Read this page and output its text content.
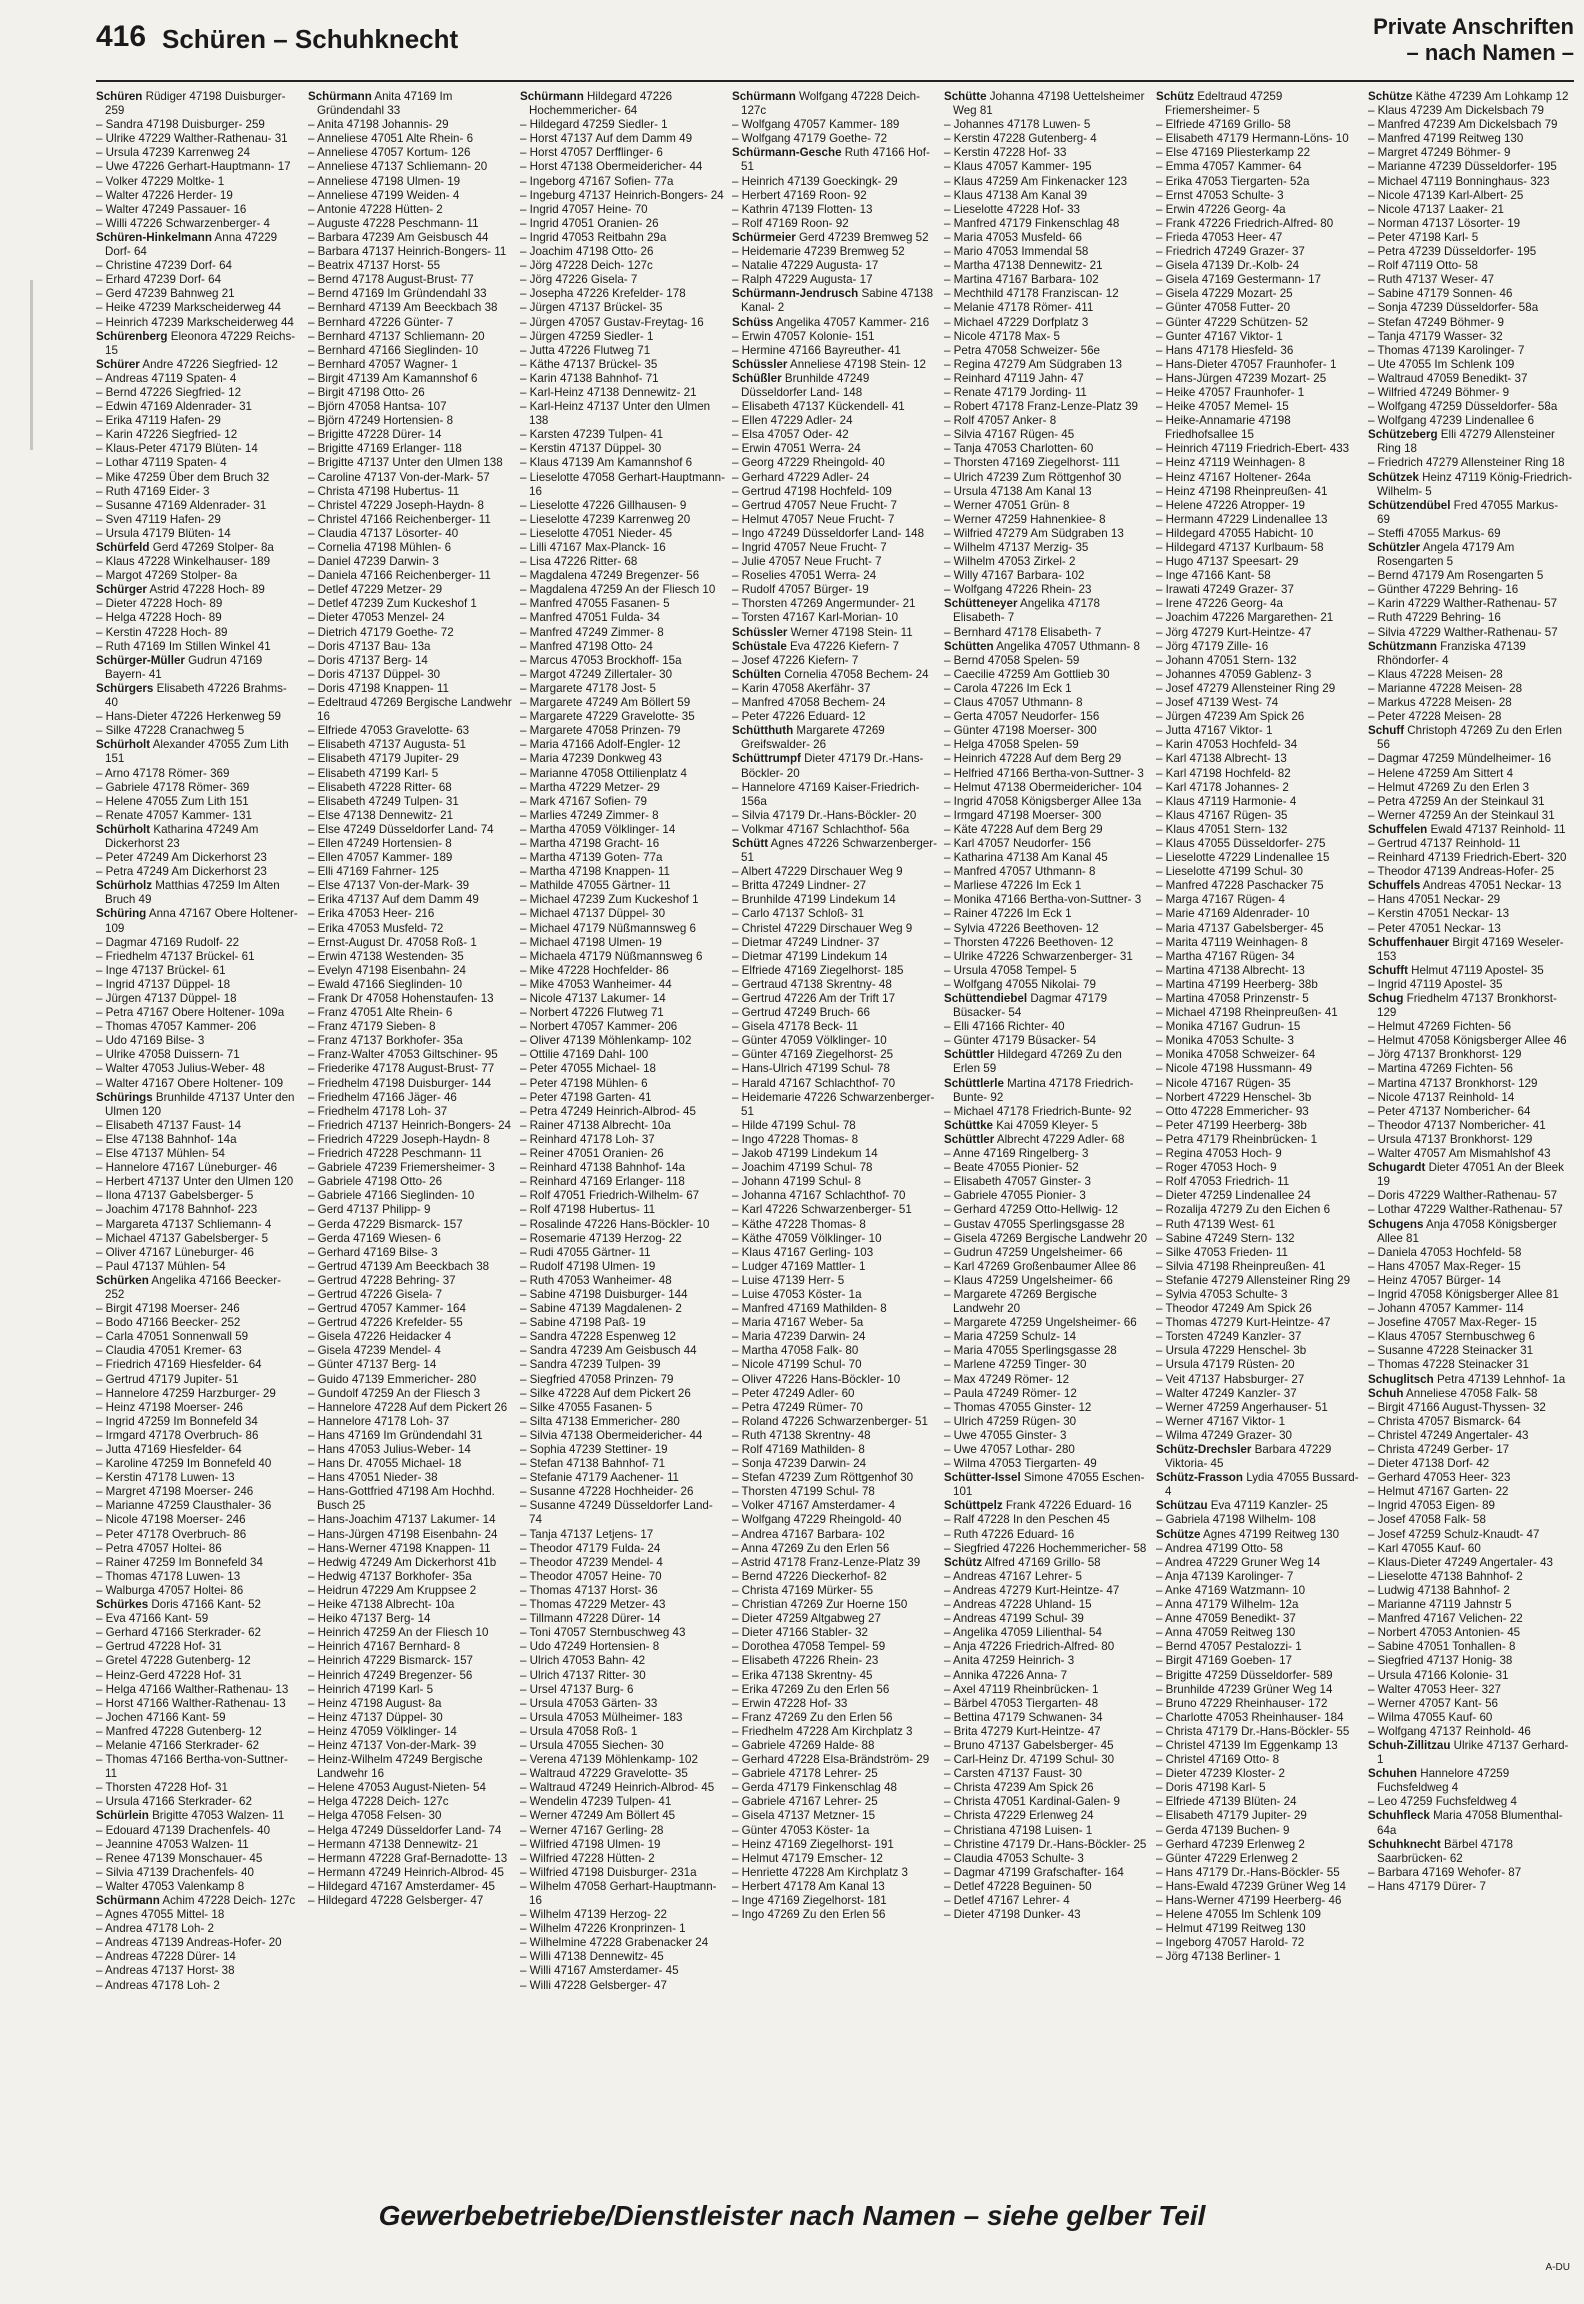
416 Schüren – Schuhknecht	Private Anschriften
– nach Namen –

Schüren Rüdiger 47198 Duisburger- 259

– Sandra 47198 Duisburger- 259

– Ulrike 47229 Walther-Rathenau- 31

– Ursula 47239 Karrenweg 24

– Uwe 47226 Gerhart-Hauptmann- 17

– Volker 47229 Moltke- 1

– Walter 47226 Herder- 19

– Walter 47249 Passauer- 16

– Willi 47226 Schwarzenberger- 4

Schüren-Hinkelmann Anna 47229 Dorf- 64

– Christine 47239 Dorf- 64

– Erhard 47239 Dorf- 64

– Gerd 47239 Bahnweg 21

– Heike 47239 Markscheiderweg 44

– Heinrich 47239 Markscheiderweg 44

Schürenberg Eleonora 47229 Reichs- 15

Schürer Andre 47226 Siegfried- 12

– Andreas 47119 Spaten- 4

– Bernd 47226 Siegfried- 12

– Edwin 47169 Aldenrader- 31

– Erika 47119 Hafen- 29

– Karin 47226 Siegfried- 12

– Klaus-Peter 47179 Blüten- 14

– Lothar 47119 Spaten- 4

– Mike 47259 Über dem Bruch 32

– Ruth 47169 Eider- 3

– Susanne 47169 Aldenrader- 31

– Sven 47119 Hafen- 29

– Ursula 47179 Blüten- 14

Schürfeld Gerd 47269 Stolper- 8a

– Klaus 47228 Winkelhauser- 189

– Margot 47269 Stolper- 8a

Schürger Astrid 47228 Hoch- 89

– Dieter 47228 Hoch- 89

– Helga 47228 Hoch- 89

– Kerstin 47228 Hoch- 89

– Ruth 47169 Im Stillen Winkel 41

Schürger-Müller Gudrun 47169 Bayern- 41

Schürgers Elisabeth 47226 Brahms- 40

– Hans-Dieter 47226 Herkenweg 59

– Silke 47228 Cranachweg 5

Schürholt Alexander 47055 Zum Lith 151

– Arno 47178 Römer- 369

– Gabriele 47178 Römer- 369

– Helene 47055 Zum Lith 151

– Renate 47057 Kammer- 131

Schürholt Katharina 47249 Am Dickerhorst 23

– Peter 47249 Am Dickerhorst 23

– Petra 47249 Am Dickerhorst 23

Schürholz Matthias 47259 Im Alten Bruch 49

Schüring Anna 47167 Obere Holtener- 109

– Dagmar 47169 Rudolf- 22

– Friedhelm 47137 Brückel- 61

– Inge 47137 Brückel- 61

– Ingrid 47137 Düppel- 18

– Jürgen 47137 Düppel- 18

– Petra 47167 Obere Holtener- 109a

– Thomas 47057 Kammer- 206

– Udo 47169 Bilse- 3

– Ulrike 47058 Duissern- 71

– Walter 47053 Julius-Weber- 48

– Walter 47167 Obere Holtener- 109

Schürings Brunhilde 47137 Unter den Ulmen 120

– Elisabeth 47137 Faust- 14

– Else 47138 Bahnhof- 14a

– Else 47137 Mühlen- 54

– Hannelore 47167 Lüneburger- 46

– Herbert 47137 Unter den Ulmen 120

– Ilona 47137 Gabelsberger- 5

– Joachim 47178 Bahnhof- 223

– Margareta 47137 Schliemann- 4

– Michael 47137 Gabelsberger- 5

– Oliver 47167 Lüneburger- 46

– Paul 47137 Mühlen- 54

Schürken Angelika 47166 Beecker- 252

– Birgit 47198 Moerser- 246

– Bodo 47166 Beecker- 252

– Carla 47051 Sonnenwall 59

– Claudia 47051 Kremer- 63

– Friedrich 47169 Hiesfelder- 64

– Gertrud 47179 Jupiter- 51

– Hannelore 47259 Harzburger- 29

– Heinz 47198 Moerser- 246

– Ingrid 47259 Im Bonnefeld 34

– Irmgard 47178 Overbruch- 86

– Jutta 47169 Hiesfelder- 64

– Karoline 47259 Im Bonnefeld 40

– Kerstin 47178 Luwen- 13

– Margret 47198 Moerser- 246

– Marianne 47259 Clausthaler- 36

– Nicole 47198 Moerser- 246

– Peter 47178 Overbruch- 86

– Petra 47057 Holtei- 86

– Rainer 47259 Im Bonnefeld 34

– Thomas 47178 Luwen- 13

– Walburga 47057 Holtei- 86

Schürkes Doris 47166 Kant- 52

– Eva 47166 Kant- 59

– Gerhard 47166 Sterkrader- 62

– Gertrud 47228 Hof- 31

– Gretel 47228 Gutenberg- 12

– Heinz-Gerd 47228 Hof- 31

– Helga 47166 Walther-Rathenau- 13

– Horst 47166 Walther-Rathenau- 13

– Jochen 47166 Kant- 59

– Manfred 47228 Gutenberg- 12

– Melanie 47166 Sterkrader- 62

– Thomas 47166 Bertha-von-Suttner- 11

– Thorsten 47228 Hof- 31

– Ursula 47166 Sterkrader- 62

Schürlein Brigitte 47053 Walzen- 11

– Edouard 47139 Drachenfels- 40

– Jeannine 47053 Walzen- 11

– Renee 47139 Monschauer- 45

– Silvia 47139 Drachenfels- 40

– Walter 47053 Valenkamp 8

Schürmann Achim 47228 Deich- 127c

– Agnes 47055 Mittel- 18

– Andrea 47178 Loh- 2

– Andreas 47139 Andreas-Hofer- 20

– Andreas 47228 Dürer- 14

– Andreas 47137 Horst- 38

– Andreas 47178 Loh- 2

Schürmann Anita 47169 Im Gründendahl 33

– Anita 47198 Johannis- 29

– Anneliese 47051 Alte Rhein- 6

– Anneliese 47057 Kortum- 126

– Anneliese 47137 Schliemann- 20

– Anneliese 47198 Ulmen- 19

– Anneliese 47199 Weiden- 4

– Antonie 47228 Hütten- 2

– Auguste 47228 Peschmann- 11

– Barbara 47239 Am Geisbusch 44

– Barbara 47137 Heinrich-Bongers- 11

– Beatrix 47137 Horst- 55

– Bernd 47178 August-Brust- 77

– Bernd 47169 Im Gründendahl 33

– Bernhard 47139 Am Beeckbach 38

– Bernhard 47226 Günter- 7

– Bernhard 47137 Schliemann- 20

– Bernhard 47166 Sieglinden- 10

– Bernhard 47057 Wagner- 1

– Birgit 47139 Am Kamannshof 6

– Birgit 47198 Otto- 26

– Björn 47058 Hantsa- 107

– Björn 47249 Hortensien- 8

– Brigitte 47228 Dürer- 14

– Brigitte 47169 Erlanger- 118

– Brigitte 47137 Unter den Ulmen 138

– Caroline 47137 Von-der-Mark- 57

– Christa 47198 Hubertus- 11

– Christel 47229 Joseph-Haydn- 8

– Christel 47166 Reichenberger- 11

– Claudia 47137 Lösorter- 40

– Cornelia 47198 Mühlen- 6

– Daniel 47239 Darwin- 3

– Daniela 47166 Reichenberger- 11

– Detlef 47229 Metzer- 29

– Detlef 47239 Zum Kuckeshof 1

– Dieter 47053 Menzel- 24

– Dietrich 47179 Goethe- 72

– Doris 47137 Bau- 13a

– Doris 47137 Berg- 14

– Doris 47137 Düppel- 30

– Doris 47198 Knappen- 11

– Edeltraud 47269 Bergische Landwehr 16

– Elfriede 47053 Gravelotte- 63

– Elisabeth 47137 Augusta- 51

– Elisabeth 47179 Jupiter- 29

– Elisabeth 47199 Karl- 5

– Elisabeth 47228 Ritter- 68

– Elisabeth 47249 Tulpen- 31

– Else 47138 Dennewitz- 21

– Else 47249 Düsseldorfer Land- 74

– Ellen 47249 Hortensien- 8

– Ellen 47057 Kammer- 189

– Elli 47169 Fahrner- 125

– Else 47137 Von-der-Mark- 39

– Erika 47137 Auf dem Damm 49

– Erika 47053 Heer- 216

– Erika 47053 Musfeld- 72

– Ernst-August Dr. 47058 Roß- 1

– Erwin 47138 Westenden- 35

– Evelyn 47198 Eisenbahn- 24

– Ewald 47166 Sieglinden- 10

– Frank Dr 47058 Hohenstaufen- 13

– Franz 47051 Alte Rhein- 6

– Franz 47179 Sieben- 8

– Franz 47137 Borkhofer- 35a

– Franz-Walter 47053 Giltschiner- 95

– Friederike 47178 August-Brust- 77

– Friedhelm 47198 Duisburger- 144

– Friedhelm 47166 Jäger- 46

– Friedhelm 47178 Loh- 37

– Friedrich 47137 Heinrich-Bongers- 24

– Friedrich 47229 Joseph-Haydn- 8

– Friedrich 47228 Peschmann- 11

– Gabriele 47239 Friemersheimer- 3

– Gabriele 47198 Otto- 26

– Gabriele 47166 Sieglinden- 10

– Gerd 47137 Philipp- 9

– Gerda 47229 Bismarck- 157

– Gerda 47169 Wiesen- 6

– Gerhard 47169 Bilse- 3

– Gertrud 47139 Am Beeckbach 38

– Gertrud 47228 Behring- 37

– Gertrud 47226 Gisela- 7

– Gertrud 47057 Kammer- 164

– Gertrud 47226 Krefelder- 55

– Gisela 47226 Heidacker 4

– Gisela 47239 Mendel- 4

– Günter 47137 Berg- 14

– Guido 47139 Emmericher- 280

– Gundolf 47259 An der Fliesch 3

– Hannelore 47228 Auf dem Pickert 26

– Hannelore 47178 Loh- 37

– Hans 47169 Im Gründendahl 31

– Hans 47053 Julius-Weber- 14

– Hans Dr. 47055 Michael- 18

– Hans 47051 Nieder- 38

– Hans-Gottfried 47198 Am Hochhd. Busch 25

– Hans-Joachim 47137 Lakumer- 14

– Hans-Jürgen 47198 Eisenbahn- 24

– Hans-Werner 47198 Knappen- 11

– Hedwig 47249 Am Dickerhorst 41b

– Hedwig 47137 Borkhofer- 35a

– Heidrun 47229 Am Kruppsee 2

– Heike 47138 Albrecht- 10a

– Heiko 47137 Berg- 14

– Heinrich 47259 An der Fliesch 10

– Heinrich 47167 Bernhard- 8

– Heinrich 47229 Bismarck- 157

– Heinrich 47249 Bregenzer- 56

– Heinrich 47199 Karl- 5

– Heinz 47198 August- 8a

– Heinz 47137 Düppel- 30

– Heinz 47059 Völklinger- 14

– Heinz 47137 Von-der-Mark- 39

– Heinz-Wilhelm 47249 Bergische Landwehr 16

– Helene 47053 August-Nieten- 54

– Helga 47228 Deich- 127c

– Helga 47058 Felsen- 30

– Helga 47249 Düsseldorfer Land- 74

– Hermann 47138 Dennewitz- 21

– Hermann 47228 Graf-Bernadotte- 13

– Hermann 47249 Heinrich-Albrod- 45

– Hildegard 47167 Amsterdamer- 45

– Hildegard 47228 Gelsberger- 47

Schürmann Hildegard 47226 Hochemmericher- 64

– Hildegard 47259 Siedler- 1

– Horst 47137 Auf dem Damm 49

– Horst 47057 Derfflinger- 6

– Horst 47138 Obermeidericher- 44

– Ingeborg 47167 Sofien- 77a

– Ingeburg 47137 Heinrich-Bongers- 24

– Ingrid 47057 Heine- 70

– Ingrid 47051 Oranien- 26

– Ingrid 47053 Reitbahn 29a

– Joachim 47198 Otto- 26

– Jörg 47228 Deich- 127c

– Jörg 47226 Gisela- 7

– Josepha 47226 Krefelder- 178

– Jürgen 47137 Brückel- 35

– Jürgen 47057 Gustav-Freytag- 16

– Jürgen 47259 Siedler- 1

– Jutta 47226 Flutweg 71

– Käthe 47137 Brückel- 35

– Karin 47138 Bahnhof- 71

– Karl-Heinz 47138 Dennewitz- 21

– Karl-Heinz 47137 Unter den Ulmen 138

– Karsten 47239 Tulpen- 41

– Kerstin 47137 Düppel- 30

– Klaus 47139 Am Kamannshof 6

– Lieselotte 47058 Gerhart-Hauptmann- 16

– Lieselotte 47226 Gillhausen- 9

– Lieselotte 47239 Karrenweg 20

– Lieselotte 47051 Nieder- 45

– Lilli 47167 Max-Planck- 16

– Lisa 47226 Ritter- 68

– Magdalena 47249 Bregenzer- 56

– Magdalena 47259 An der Fliesch 10

– Manfred 47055 Fasanen- 5

– Manfred 47051 Fulda- 34

– Manfred 47249 Zimmer- 8

– Manfred 47198 Otto- 24

– Marcus 47053 Brockhoff- 15a

– Margot 47249 Zillertaler- 30

– Margarete 47178 Jost- 5

– Margarete 47249 Am Böllert 59

– Margarete 47229 Gravelotte- 35

– Margarete 47058 Prinzen- 79

– Maria 47166 Adolf-Engler- 12

– Maria 47239 Donkweg 43

– Marianne 47058 Ottilienplatz 4

– Martha 47229 Metzer- 29

– Mark 47167 Sofien- 79

– Marlies 47249 Zimmer- 8

– Martha 47059 Völklinger- 14

– Martha 47198 Gracht- 16

– Martha 47139 Goten- 77a

– Martha 47198 Knappen- 11

– Mathilde 47055 Gärtner- 11

– Michael 47239 Zum Kuckeshof 1

– Michael 47137 Düppel- 30

– Michael 47179 Nüßmannsweg 6

– Michael 47198 Ulmen- 19

– Michaela 47179 Nüßmannsweg 6

– Mike 47228 Hochfelder- 86

– Mike 47053 Wanheimer- 44

– Nicole 47137 Lakumer- 14

– Norbert 47226 Flutweg 71

– Norbert 47057 Kammer- 206

– Oliver 47139 Möhlenkamp- 102

– Ottilie 47169 Dahl- 100

– Peter 47055 Michael- 18

– Peter 47198 Mühlen- 6

– Peter 47198 Garten- 41

– Petra 47249 Heinrich-Albrod- 45

– Rainer 47138 Albrecht- 10a

– Reinhard 47178 Loh- 37

– Reiner 47051 Oranien- 26

– Reinhard 47138 Bahnhof- 14a

– Reinhard 47169 Erlanger- 118

– Rolf 47051 Friedrich-Wilhelm- 67

– Rolf 47198 Hubertus- 11

– Rosalinde 47226 Hans-Böckler- 10

– Rosemarie 47139 Herzog- 22

– Rudi 47055 Gärtner- 11

– Rudolf 47198 Ulmen- 19

– Ruth 47053 Wanheimer- 48

– Sabine 47198 Duisburger- 144

– Sabine 47139 Magdalenen- 2

– Sabine 47198 Paß- 19

– Sandra 47228 Espenweg 12

– Sandra 47239 Am Geisbusch 44

– Sandra 47239 Tulpen- 39

– Siegfried 47058 Prinzen- 79

– Silke 47228 Auf dem Pickert 26

– Silke 47055 Fasanen- 5

– Silta 47138 Emmericher- 280

– Silvia 47138 Obermeidericher- 44

– Sophia 47239 Stettiner- 19

– Stefan 47138 Bahnhof- 71

– Stefanie 47179 Aachener- 11

– Susanne 47228 Hochheider- 26

– Susanne 47249 Düsseldorfer Land- 74

– Tanja 47137 Letjens- 17

– Theodor 47179 Fulda- 24

– Theodor 47239 Mendel- 4

– Theodor 47057 Heine- 70

– Thomas 47137 Horst- 36

– Thomas 47229 Metzer- 43

– Tillmann 47228 Dürer- 14

– Toni 47057 Sternbuschweg 43

– Udo 47249 Hortensien- 8

– Ulrich 47053 Bahn- 42

– Ulrich 47137 Ritter- 30

– Ursel 47137 Burg- 6

– Ursula 47053 Gärten- 33

– Ursula 47053 Mülheimer- 183

– Ursula 47058 Roß- 1

– Ursula 47055 Siechen- 30

– Verena 47139 Möhlenkamp- 102

– Waltraud 47229 Gravelotte- 35

– Waltraud 47249 Heinrich-Albrod- 45

– Wendelin 47239 Tulpen- 41

– Werner 47249 Am Böllert 45

– Werner 47167 Gerling- 28

– Wilfried 47198 Ulmen- 19

– Wilfried 47228 Hütten- 2

– Wilfried 47198 Duisburger- 231a

– Wilhelm 47058 Gerhart-Hauptmann- 16

– Wilhelm 47139 Herzog- 22

– Wilhelm 47226 Kronprinzen- 1

– Wilhelmine 47228 Grabenacker 24

– Willi 47138 Dennewitz- 45

– Willi 47167 Amsterdamer- 45

– Willi 47228 Gelsberger- 47

Schürmann Wolfgang 47228 Deich- 127c

– Wolfgang 47057 Kammer- 189

– Wolfgang 47179 Goethe- 72

Schürmann-Gesche Ruth 47166 Hof- 51

– Heinrich 47139 Goeckingk- 29

– Herbert 47169 Roon- 92

– Kathrin 47139 Flotten- 13

– Rolf 47169 Roon- 92

Schürmeier Gerd 47239 Bremweg 52

– Heidemarie 47239 Bremweg 52

– Natalie 47229 Augusta- 17

– Ralph 47229 Augusta- 17

Schürmann-Jendrusch Sabine 47138 Kanal- 2

Schüss Angelika 47057 Kammer- 216

– Erwin 47057 Kolonie- 151

– Hermine 47166 Bayreuther- 41

Schüssler Anneliese 47198 Stein- 12

Schüßler Brunhilde 47249 Düsseldorfer Land- 148

– Elisabeth 47137 Kückendell- 41

– Ellen 47229 Adler- 24

– Elsa 47057 Oder- 42

– Erwin 47051 Werra- 24

– Georg 47229 Rheingold- 40

– Gerhard 47229 Adler- 24

– Gertrud 47198 Hochfeld- 109

– Gertrud 47057 Neue Frucht- 7

– Helmut 47057 Neue Frucht- 7

– Ingo 47249 Düsseldorfer Land- 148

– Ingrid 47057 Neue Frucht- 7

– Julie 47057 Neue Frucht- 7

– Roselies 47051 Werra- 24

– Rudolf 47057 Bürger- 19

– Thorsten 47269 Angermunder- 21

– Torsten 47167 Karl-Morian- 10

Schüssler Werner 47198 Stein- 11

Schüstale Eva 47226 Kiefern- 7

– Josef 47226 Kiefern- 7

Schülten Cornelia 47058 Bechem- 24

– Karin 47058 Akerfähr- 37

– Manfred 47058 Bechem- 24

– Peter 47226 Eduard- 12

Schütthuth Margarete 47269 Greifswalder- 26

Schüttrumpf Dieter 47179 Dr.-Hans-Böckler- 20

– Hannelore 47169 Kaiser-Friedrich- 156a

– Silvia 47179 Dr.-Hans-Böckler- 20

– Volkmar 47167 Schlachthof- 56a

Schütt Agnes 47226 Schwarzenberger- 51

– Albert 47229 Dirschauer Weg 9

– Britta 47249 Lindner- 27

– Brunhilde 47199 Lindekum 14

– Carlo 47137 Schloß- 31

– Christel 47229 Dirschauer Weg 9

– Dietmar 47249 Lindner- 37

– Dietmar 47199 Lindekum 14

– Elfriede 47169 Ziegelhorst- 185

– Gertraud 47138 Skrentny- 48

– Gertrud 47226 Am der Trift 17

– Gertrud 47249 Bruch- 66

– Gisela 47178 Beck- 11

– Günter 47059 Völklinger- 10

– Günter 47169 Ziegelhorst- 25

– Hans-Ulrich 47199 Schul- 78

– Harald 47167 Schlachthof- 70

– Heidemarie 47226 Schwarzenberger- 51

– Hilde 47199 Schul- 78

– Ingo 47228 Thomas- 8

– Jakob 47199 Lindekum 14

– Joachim 47199 Schul- 78

– Johann 47199 Schul- 8

– Johanna 47167 Schlachthof- 70

– Karl 47226 Schwarzenberger- 51

– Käthe 47228 Thomas- 8

– Käthe 47059 Völklinger- 10

– Klaus 47167 Gerling- 103

– Ludger 47169 Mattler- 1

– Luise 47139 Herr- 5

– Luise 47053 Köster- 1a

– Manfred 47169 Mathilden- 8

– Maria 47167 Weber- 5a

– Maria 47239 Darwin- 24

– Martha 47058 Falk- 80

– Nicole 47199 Schul- 70

– Oliver 47226 Hans-Böckler- 10

– Peter 47249 Adler- 60

– Petra 47249 Rümer- 70

– Roland 47226 Schwarzenberger- 51

– Ruth 47138 Skrentny- 48

– Rolf 47169 Mathilden- 8

– Sonja 47239 Darwin- 24

– Stefan 47239 Zum Röttgenhof 30

– Thorsten 47199 Schul- 78

– Volker 47167 Amsterdamer- 4

– Wolfgang 47229 Rheingold- 40

– Andrea 47167 Barbara- 102

– Anna 47269 Zu den Erlen 56

– Astrid 47178 Franz-Lenze-Platz 39

– Bernd 47226 Dieckerhof- 82

– Christa 47169 Mürker- 55

– Christian 47269 Zur Hoerne 150

– Dieter 47259 Altgabweg 27

– Dieter 47166 Stabler- 32

– Dorothea 47058 Tempel- 59

– Elisabeth 47226 Rhein- 23

– Erika 47138 Skrentny- 45

– Erika 47269 Zu den Erlen 56

– Erwin 47228 Hof- 33

– Franz 47269 Zu den Erlen 56

– Friedhelm 47228 Am Kirchplatz 3

– Gabriele 47269 Halde- 88

– Gerhard 47228 Elsa-Brändström- 29

– Gabriele 47178 Lehrer- 25

– Gerda 47179 Finkenschlag 48

– Gabriele 47167 Lehrer- 25

– Gisela 47137 Metzner- 15

– Günter 47053 Köster- 1a

– Heinz 47169 Ziegelhorst- 191

– Helmut 47179 Emscher- 12

– Henriette 47228 Am Kirchplatz 3

– Herbert 47178 Am Kanal 13

– Inge 47169 Ziegelhorst- 181

– Ingo 47269 Zu den Erlen 56

Schütte Johanna 47198 Uettelsheimer Weg 81

– Johannes 47178 Luwen- 5

– Kerstin 47228 Gutenberg- 4

– Kerstin 47228 Hof- 33

– Klaus 47057 Kammer- 195

– Klaus 47259 Am Finkenacker 123

– Klaus 47138 Am Kanal 39

– Lieselotte 47228 Hof- 33

– Manfred 47179 Finkenschlag 48

– Maria 47053 Musfeld- 66

– Mario 47053 Immendal 58

– Martha 47138 Dennewitz- 21

– Martina 47167 Barbara- 102

– Mechthild 47178 Franziscan- 12

– Melanie 47178 Römer- 411

– Michael 47229 Dorfplatz 3

– Nicole 47178 Max- 5

– Petra 47058 Schweizer- 56e

– Regina 47279 Am Südgraben 13

– Reinhard 47119 Jahn- 47

– Renate 47179 Jording- 11

– Robert 47178 Franz-Lenze-Platz 39

– Rolf 47057 Anker- 8

– Silvia 47167 Rügen- 45

– Tanja 47053 Charlotten- 60

– Thorsten 47169 Ziegelhorst- 111

– Ulrich 47239 Zum Röttgenhof 30

– Ursula 47138 Am Kanal 13

– Werner 47051 Grün- 8

– Werner 47259 Hahnenkiee- 8

– Wilfried 47279 Am Südgraben 13

– Wilhelm 47137 Merzig- 35

– Wilhelm 47053 Zirkel- 2

– Willy 47167 Barbara- 102

– Wolfgang 47226 Rhein- 23

Schütteneyer Angelika 47178 Elisabeth- 7

– Bernhard 47178 Elisabeth- 7

Schütten Angelika 47057 Uthmann- 8

– Bernd 47058 Spelen- 59

– Caecilie 47259 Am Gottlieb 30

– Carola 47226 Im Eck 1

– Claus 47057 Uthmann- 8

– Gerta 47057 Neudorfer- 156

– Günter 47198 Moerser- 300

– Helga 47058 Spelen- 59

– Heinrich 47228 Auf dem Berg 29

– Helfried 47166 Bertha-von-Suttner- 3

– Helmut 47138 Obermeidericher- 104

– Ingrid 47058 Königsberger Allee 13a

– Irmgard 47198 Moerser- 300

– Käte 47228 Auf dem Berg 29

– Karl 47057 Neudorfer- 156

– Katharina 47138 Am Kanal 45

– Manfred 47057 Uthmann- 8

– Marliese 47226 Im Eck 1

– Monika 47166 Bertha-von-Suttner- 3

– Rainer 47226 Im Eck 1

– Sylvia 47226 Beethoven- 12

– Thorsten 47226 Beethoven- 12

– Ulrike 47226 Schwarzenberger- 31

– Ursula 47058 Tempel- 5

– Wolfgang 47055 Nikolai- 79

Schüttendiebel Dagmar 47179 Büsacker- 54

– Elli 47166 Richter- 40

– Günter 47179 Büsacker- 54

Schüttler Hildegard 47269 Zu den Erlen 59

Schüttlerle Martina 47178 Friedrich-Bunte- 92

– Michael 47178 Friedrich-Bunte- 92

Schüttke Kai 47059 Kleyer- 5

Schüttler Albrecht 47229 Adler- 68

– Anne 47169 Ringelberg- 3

– Beate 47055 Pionier- 52

– Elisabeth 47057 Ginster- 3

– Gabriele 47055 Pionier- 3

– Gerhard 47259 Otto-Hellwig- 12

– Gustav 47055 Sperlingsgasse 28

– Gisela 47269 Bergische Landwehr 20

– Gudrun 47259 Ungelsheimer- 66

– Karl 47269 Großenbaumer Allee 86

– Klaus 47259 Ungelsheimer- 66

– Margarete 47269 Bergische Landwehr 20

– Margarete 47259 Ungelsheimer- 66

– Maria 47259 Schulz- 14

– Maria 47055 Sperlingsgasse 28

– Marlene 47259 Tinger- 30

– Max 47249 Römer- 12

– Paula 47249 Römer- 12

– Thomas 47055 Ginster- 12

– Ulrich 47259 Rügen- 30

– Uwe 47055 Ginster- 3

– Uwe 47057 Lothar- 280

– Wilma 47053 Tiergarten- 49

Schütter-Issel Simone 47055 Eschen- 101

Schüttpelz Frank 47226 Eduard- 16

– Ralf 47228 In den Peschen 45

– Ruth 47226 Eduard- 16

– Siegfried 47226 Hochemmericher- 58

Schütz Alfred 47169 Grillo- 58

– Andreas 47167 Lehrer- 5

– Andreas 47279 Kurt-Heintze- 47

– Andreas 47228 Uhland- 15

– Andreas 47199 Schul- 39

– Angelika 47059 Lilienthal- 54

– Anja 47226 Friedrich-Alfred- 80

– Anita 47259 Heinrich- 3

– Annika 47226 Anna- 7

– Axel 47119 Rheinbrücken- 1

– Bärbel 47053 Tiergarten- 48

– Bettina 47179 Schwanen- 34

– Brita 47279 Kurt-Heintze- 47

– Bruno 47137 Gabelsberger- 45

– Carl-Heinz Dr. 47199 Schul- 30

– Carsten 47137 Faust- 30

– Christa 47239 Am Spick 26

– Christa 47051 Kardinal-Galen- 9

– Christa 47229 Erlenweg 24

– Christiana 47198 Luisen- 1

– Christine 47179 Dr.-Hans-Böckler- 25

– Claudia 47053 Schulte- 3

– Dagmar 47199 Grafschafter- 164

– Detlef 47228 Beguinen- 50

– Detlef 47167 Lehrer- 4

– Dieter 47198 Dunker- 43

Schütz Edeltraud 47259 Friemersheimer- 5

– Elfriede 47169 Grillo- 58

– Elisabeth 47179 Hermann-Löns- 10

– Else 47169 Pliesterkamp 22

– Emma 47057 Kammer- 64

– Erika 47053 Tiergarten- 52a

– Ernst 47053 Schulte- 3

– Erwin 47226 Georg- 4a

– Frank 47226 Friedrich-Alfred- 80

– Frieda 47053 Heer- 47

– Friedrich 47249 Grazer- 37

– Gisela 47139 Dr.-Kolb- 24

– Gisela 47169 Gestermann- 17

– Gisela 47229 Mozart- 25

– Günter 47058 Futter- 20

– Günter 47229 Schützen- 52

– Gunter 47167 Viktor- 1

– Hans 47178 Hiesfeld- 36

– Hans-Dieter 47057 Fraunhofer- 1

– Hans-Jürgen 47239 Mozart- 25

– Heike 47057 Fraunhofer- 1

– Heike 47057 Memel- 15

– Heike-Annamarie 47198 Friedhofsallee 15

– Heinrich 47119 Friedrich-Ebert- 433

– Heinz 47119 Weinhagen- 8

– Heinz 47167 Holtener- 264a

– Heinz 47198 Rheinpreußen- 41

– Helene 47226 Atropper- 19

– Hermann 47229 Lindenallee 13

– Hildegard 47055 Habicht- 10

– Hildegard 47137 Kurlbaum- 58

– Hugo 47137 Speesart- 29

– Inge 47166 Kant- 58

– Irawati 47249 Grazer- 37

– Irene 47226 Georg- 4a

– Joachim 47226 Margarethen- 21

– Jörg 47279 Kurt-Heintze- 47

– Jörg 47179 Zille- 16

– Johann 47051 Stern- 132

– Johannes 47059 Gablenz- 3

– Josef 47279 Allensteiner Ring 29

– Josef 47139 West- 74

– Jürgen 47239 Am Spick 26

– Jutta 47167 Viktor- 1

– Karin 47053 Hochfeld- 34

– Karl 47138 Albrecht- 13

– Karl 47198 Hochfeld- 82

– Karl 47178 Johannes- 2

– Klaus 47119 Harmonie- 4

– Klaus 47167 Rügen- 35

– Klaus 47051 Stern- 132

– Klaus 47055 Düsseldorfer- 275

– Lieselotte 47229 Lindenallee 15

– Lieselotte 47199 Schul- 30

– Manfred 47228 Paschacker 75

– Marga 47167 Rügen- 4

– Marie 47169 Aldenrader- 10

– Maria 47137 Gabelsberger- 45

– Marita 47119 Weinhagen- 8

– Martha 47167 Rügen- 34

– Martina 47138 Albrecht- 13

– Martina 47199 Heerberg- 38b

– Martina 47058 Prinzenstr- 5

– Michael 47198 Rheinpreußen- 41

– Monika 47167 Gudrun- 15

– Monika 47053 Schulte- 3

– Monika 47058 Schweizer- 64

– Nicole 47198 Hussmann- 49

– Nicole 47167 Rügen- 35

– Norbert 47229 Henschel- 3b

– Otto 47228 Emmericher- 93

– Peter 47199 Heerberg- 38b

– Petra 47179 Rheinbrücken- 1

– Regina 47053 Hoch- 9

– Roger 47053 Hoch- 9

– Rolf 47053 Friedrich- 11

– Dieter 47259 Lindenallee 24

– Rozalija 47279 Zu den Eichen 6

– Ruth 47139 West- 61

– Sabine 47249 Stern- 132

– Silke 47053 Frieden- 11

– Silvia 47198 Rheinpreußen- 41

– Stefanie 47279 Allensteiner Ring 29

– Sylvia 47053 Schulte- 3

– Theodor 47249 Am Spick 26

– Thomas 47279 Kurt-Heintze- 47

– Torsten 47249 Kanzler- 37

– Ursula 47229 Henschel- 3b

– Ursula 47179 Rüsten- 20

– Veit 47137 Habsburger- 27

– Walter 47249 Kanzler- 37

– Werner 47259 Angerhauser- 51

– Werner 47167 Viktor- 1

– Wilma 47249 Grazer- 30

Schütz-Drechsler Barbara 47229 Viktoria- 45

Schütz-Frasson Lydia 47055 Bussard- 4

Schützau Eva 47119 Kanzler- 25

– Gabriela 47198 Wilhelm- 108

Schütze Agnes 47199 Reitweg 130

– Andrea 47199 Otto- 58

– Andrea 47229 Gruner Weg 14

– Anja 47139 Karolinger- 7

– Anke 47169 Watzmann- 10

– Anna 47179 Wilhelm- 12a

– Anne 47059 Benedikt- 37

– Anna 47059 Reitweg 130

– Bernd 47057 Pestalozzi- 1

– Birgit 47169 Goeben- 17

– Brigitte 47259 Düsseldorfer- 589

– Brunhilde 47239 Grüner Weg 14

– Bruno 47229 Rheinhauser- 172

– Charlotte 47053 Rheinhauser- 184

– Christa 47179 Dr.-Hans-Böckler- 55

– Christel 47139 Im Eggenkamp 13

– Christel 47169 Otto- 8

– Dieter 47239 Kloster- 2

– Doris 47198 Karl- 5

– Elfriede 47139 Blüten- 24

– Elisabeth 47179 Jupiter- 29

– Gerda 47139 Buchen- 9

– Gerhard 47239 Erlenweg 2

– Günter 47229 Erlenweg 2

– Hans 47179 Dr.-Hans-Böckler- 55

– Hans-Ewald 47239 Grüner Weg 14

– Hans-Werner 47199 Heerberg- 46

– Helene 47055 Im Schlenk 109

– Helmut 47199 Reitweg 130

– Ingeborg 47057 Harold- 72

– Jörg 47138 Berliner- 1

Schütze Käthe 47239 Am Lohkamp 12

– Klaus 47239 Am Dickelsbach 79

– Manfred 47239 Am Dickelsbach 79

– Manfred 47199 Reitweg 130

– Margret 47249 Böhmer- 9

– Marianne 47239 Düsseldorfer- 195

– Michael 47119 Bonninghaus- 323

– Nicole 47139 Karl-Albert- 25

– Nicole 47137 Laaker- 21

– Norman 47137 Lösorter- 19

– Peter 47198 Karl- 5

– Petra 47239 Düsseldorfer- 195

– Rolf 47119 Otto- 58

– Ruth 47137 Weser- 47

– Sabine 47179 Sonnen- 46

– Sonja 47239 Düsseldorfer- 58a

– Stefan 47249 Böhmer- 9

– Tanja 47179 Wasser- 32

– Thomas 47139 Karolinger- 7

– Ute 47055 Im Schlenk 109

– Waltraud 47059 Benedikt- 37

– Wilfried 47249 Böhmer- 9

– Wolfgang 47259 Düsseldorfer- 58a

– Wolfgang 47239 Lindenallee 6

Schützeberg Elli 47279 Allensteiner Ring 18

– Friedrich 47279 Allensteiner Ring 18

Schützek Heinz 47119 König-Friedrich-Wilhelm- 5

Schützendübel Fred 47055 Markus- 69

– Steffi 47055 Markus- 69

Schützler Angela 47179 Am Rosengarten 5

– Bernd 47179 Am Rosengarten 5

– Günther 47229 Behring- 16

– Karin 47229 Walther-Rathenau- 57

– Ruth 47229 Behring- 16

– Silvia 47229 Walther-Rathenau- 57

Schützmann Franziska 47139 Rhöndorfer- 4

– Klaus 47228 Meisen- 28

– Marianne 47228 Meisen- 28

– Markus 47228 Meisen- 28

– Peter 47228 Meisen- 28

Schuff Christoph 47269 Zu den Erlen 56

– Dagmar 47259 Mündelheimer- 16

– Helene 47259 Am Sittert 4

– Helmut 47269 Zu den Erlen 3

– Petra 47259 An der Steinkaul 31

– Werner 47259 An der Steinkaul 31

Schuffelen Ewald 47137 Reinhold- 11

– Gertrud 47137 Reinhold- 11

– Reinhard 47139 Friedrich-Ebert- 320

– Theodor 47139 Andreas-Hofer- 25

Schuffels Andreas 47051 Neckar- 13

– Hans 47051 Neckar- 29

– Kerstin 47051 Neckar- 13

– Peter 47051 Neckar- 13

Schuffenhauer Birgit 47169 Weseler- 153

Schufft Helmut 47119 Apostel- 35

– Ingrid 47119 Apostel- 35

Schug Friedhelm 47137 Bronkhorst- 129

– Helmut 47269 Fichten- 56

– Helmut 47058 Königsberger Allee 46

– Jörg 47137 Bronkhorst- 129

– Martina 47269 Fichten- 56

– Martina 47137 Bronkhorst- 129

– Nicole 47137 Reinhold- 14

– Peter 47137 Nombericher- 64

– Theodor 47137 Nombericher- 41

– Ursula 47137 Bronkhorst- 129

– Walter 47057 Am Mismahlshof 43

Schugardt Dieter 47051 An der Bleek 19

– Doris 47229 Walther-Rathenau- 57

– Lothar 47229 Walther-Rathenau- 57

Schugens Anja 47058 Königsberger Allee 81

– Daniela 47053 Hochfeld- 58

– Hans 47057 Max-Reger- 15

– Heinz 47057 Bürger- 14

– Ingrid 47058 Königsberger Allee 81

– Johann 47057 Kammer- 114

– Josefine 47057 Max-Reger- 15

– Klaus 47057 Sternbuschweg 6

– Susanne 47228 Steinacker 31

– Thomas 47228 Steinacker 31

Schuglitsch Petra 47139 Lehnhof- 1a

Schuh Anneliese 47058 Falk- 58

– Birgit 47166 August-Thyssen- 32

– Christa 47057 Bismarck- 64

– Christel 47249 Angertaler- 43

– Christa 47249 Gerber- 17

– Dieter 47138 Dorf- 42

– Gerhard 47053 Heer- 323

– Helmut 47167 Garten- 22

– Ingrid 47053 Eigen- 89

– Josef 47058 Falk- 58

– Josef 47259 Schulz-Knaudt- 47

– Karl 47055 Kauf- 60

– Klaus-Dieter 47249 Angertaler- 43

– Lieselotte 47138 Bahnhof- 2

– Ludwig 47138 Bahnhof- 2

– Marianne 47119 Jahnstr 5

– Manfred 47167 Velichen- 22

– Norbert 47053 Antonien- 45

– Sabine 47051 Tonhallen- 8

– Siegfried 47137 Honig- 38

– Ursula 47166 Kolonie- 31

– Walter 47053 Heer- 327

– Werner 47057 Kant- 56

– Wilma 47055 Kauf- 60

– Wolfgang 47137 Reinhold- 46

Schuh-Zillitzau Ulrike 47137 Gerhard- 1

Schuhen Hannelore 47259 Fuchsfeldweg 4

– Leo 47259 Fuchsfeldweg 4

Schuhfleck Maria 47058 Blumenthal- 64a

Schuhknecht Bärbel 47178 Saarbrücken- 62

– Barbara 47169 Wehofer- 87

– Hans 47179 Dürer- 7

Gewerbebetriebe/Dienstleister nach Namen – siehe gelber Teil
A-DU
